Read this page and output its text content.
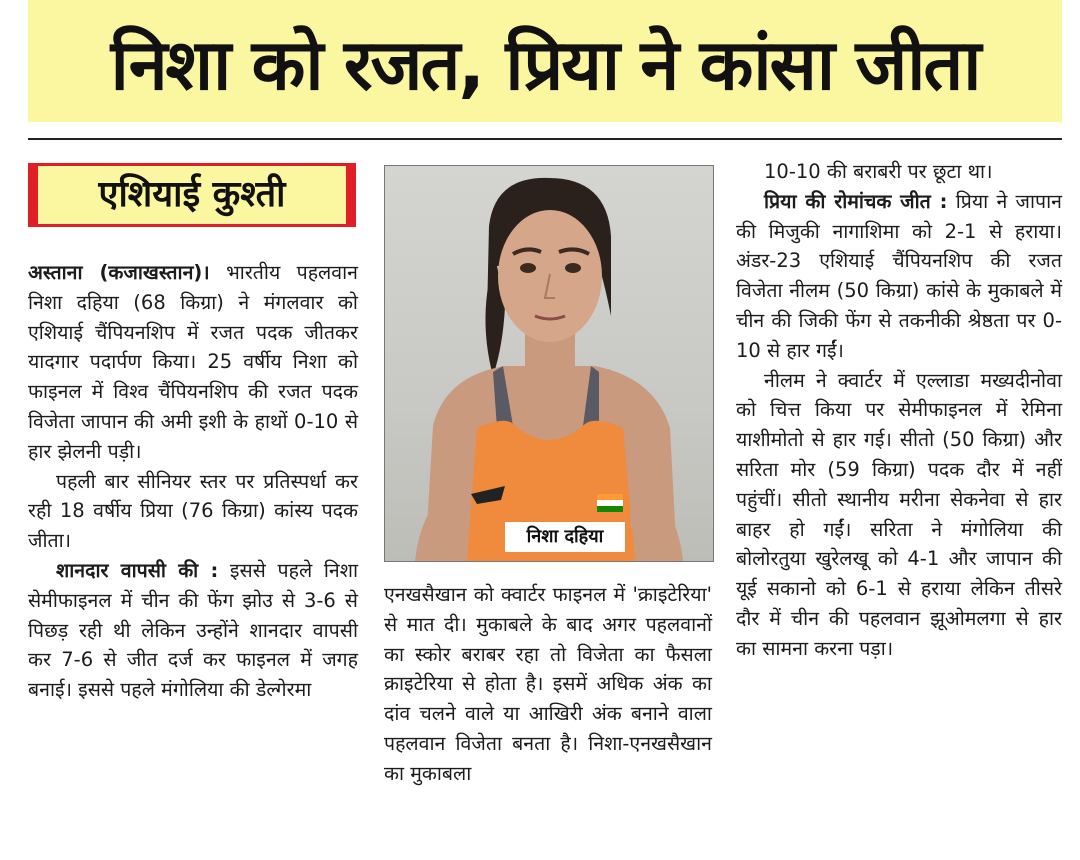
निशा को रजत, प्रिया ने कांसा जीता
एशियाई कुश्ती

अस्ताना (कजाखस्तान)। भारतीय पहलवान निशा दहिया (68 किग्रा) ने मंगलवार को एशियाई चैंपियनशिप में रजत पदक जीतकर यादगार पदार्पण किया। 25 वर्षीय निशा को फाइनल में विश्व चैंपियनशिप की रजत पदक विजेता जापान की अमी इशी के हाथों 0-10 से हार झेलनी पड़ी।

पहली बार सीनियर स्तर पर प्रतिस्पर्धा कर रही 18 वर्षीय प्रिया (76 किग्रा) कांस्य पदक जीता।

शानदार वापसी की : इससे पहले निशा सेमीफाइनल में चीन की फेंग झोउ से 3-6 से पिछड़ रही थी लेकिन उन्होंने शानदार वापसी कर 7-6 से जीत दर्ज कर फाइनल में जगह बनाई। इससे पहले मंगोलिया की डेल्गेरमा

निशा दहिया

एनखसैखान को क्वार्टर फाइनल में 'क्राइटेरिया' से मात दी। मुकाबले के बाद अगर पहलवानों का स्कोर बराबर रहा तो विजेता का फैसला क्राइटेरिया से होता है। इसमें अधिक अंक का दांव चलने वाले या आखिरी अंक बनाने वाला पहलवान विजेता बनता है। निशा-एनखसैखान का मुकाबला

10-10 की बराबरी पर छूटा था।

प्रिया की रोमांचक जीत : प्रिया ने जापान की मिजुकी नागाशिमा को 2-1 से हराया। अंडर-23 एशियाई चैंपियनशिप की रजत विजेता नीलम (50 किग्रा) कांसे के मुकाबले में चीन की जिकी फेंग से तकनीकी श्रेष्ठता पर 0-10 से हार गईं।

नीलम ने क्वार्टर में एल्लाडा मख्यदीनोवा को चित्त किया पर सेमीफाइनल में रेमिना याशीमोतो से हार गई। सीतो (50 किग्रा) और सरिता मोर (59 किग्रा) पदक दौर में नहीं पहुंचीं। सीतो स्थानीय मरीना सेकनेवा से हार बाहर हो गईं। सरिता ने मंगोलिया की बोलोरतुया खुरेलखू को 4-1 और जापान की यूई सकानो को 6-1 से हराया लेकिन तीसरे दौर में चीन की पहलवान झूओमलगा से हार का सामना करना पड़ा।
